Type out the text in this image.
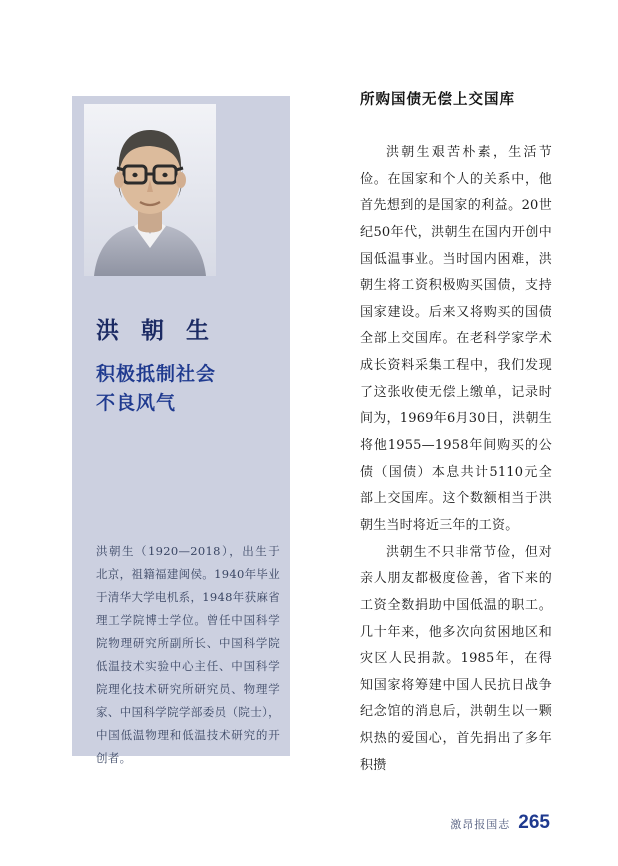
洪 朝 生
积极抵制社会
不良风气
洪朝生（1920—2018），出生于北京，祖籍福建闽侯。1940年毕业于清华大学电机系，1948年获麻省理工学院博士学位。曾任中国科学院物理研究所副所长、中国科学院低温技术实验中心主任、中国科学院理化技术研究所研究员、物理学家、中国科学院学部委员（院士），中国低温物理和低温技术研究的开创者。
所购国债无偿上交国库

洪朝生艰苦朴素，生活节俭。在国家和个人的关系中，他首先想到的是国家的利益。20世纪50年代，洪朝生在国内开创中国低温事业。当时国内困难，洪朝生将工资积极购买国债，支持国家建设。后来又将购买的国债全部上交国库。在老科学家学术成长资料采集工程中，我们发现了这张收使无偿上缴单，记录时间为，1969年6月30日，洪朝生将他1955—1958年间购买的公债（国债）本息共计5110元全部上交国库。这个数额相当于洪朝生当时将近三年的工资。

洪朝生不只非常节俭，但对亲人朋友都极度俭善，省下来的工资全数捐助中国低温的职工。几十年来，他多次向贫困地区和灾区人民捐款。1985年，在得知国家将筹建中国人民抗日战争纪念馆的消息后，洪朝生以一颗炽热的爱国心，首先捐出了多年积攒

激昂报国志 265
